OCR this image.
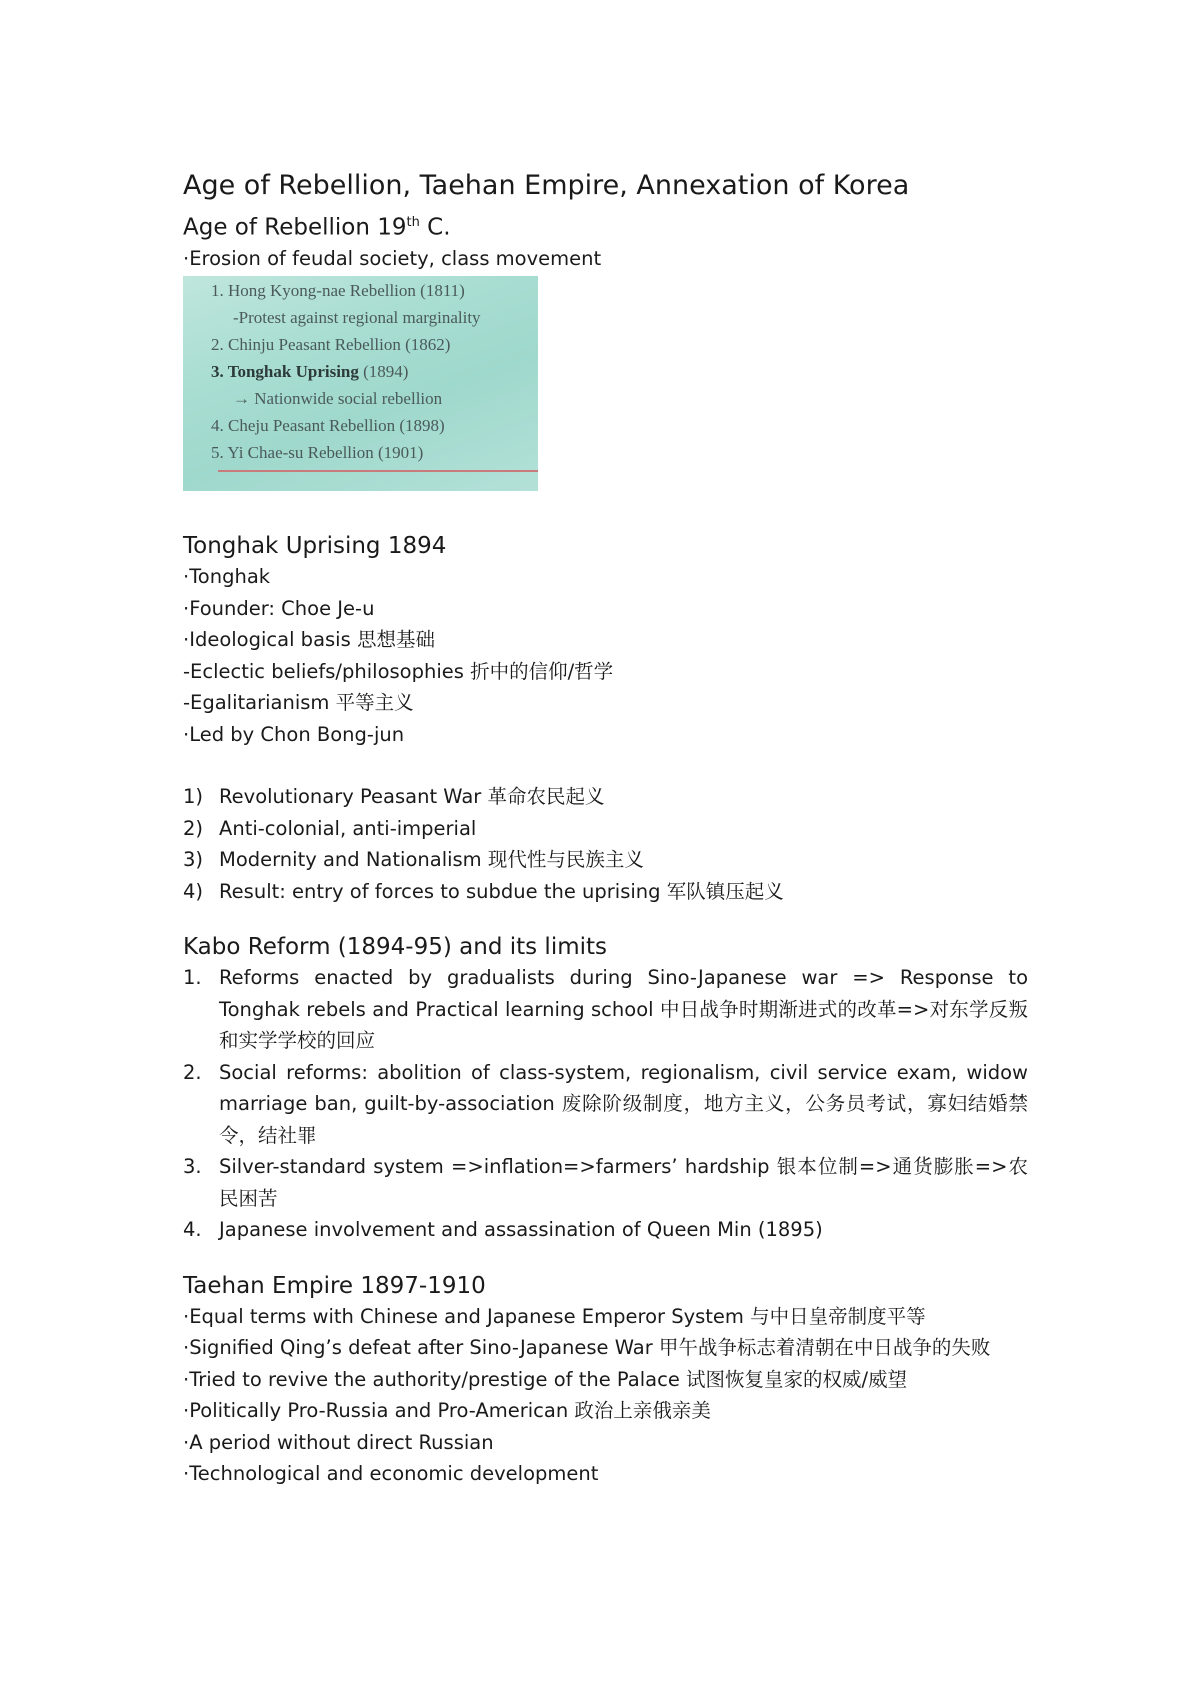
Age of Rebellion, Taehan Empire, Annexation of Korea
Age of Rebellion 19th C.

·Erosion of feudal society, class movement

1. Hong Kyong-nae Rebellion (1811)
-Protest against regional marginality
2. Chinju Peasant Rebellion (1862)
3. Tonghak Uprising (1894)
→ Nationwide social rebellion
4. Cheju Peasant Rebellion (1898)
5. Yi Chae-su Rebellion (1901)
Tonghak Uprising 1894

·Tonghak

·Founder: Choe Je-u

·Ideological basis 思想基础

-Eclectic beliefs/philosophies 折中的信仰/哲学

-Egalitarianism 平等主义

·Led by Chon Bong-jun

1) Revolutionary Peasant War 革命农民起义
2) Anti-colonial, anti-imperial
3) Modernity and Nationalism 现代性与民族主义
4) Result: entry of forces to subdue the uprising 军队镇压起义
Kabo Reform (1894-95) and its limits
1. Reforms enacted by gradualists during Sino-Japanese war => Response to Tonghak rebels and Practical learning school 中日战争时期渐进式的改革=>对东学反叛和实学学校的回应
2. Social reforms: abolition of class-system, regionalism, civil service exam, widow marriage ban, guilt-by-association 废除阶级制度，地方主义，公务员考试，寡妇结婚禁令，结社罪
3. Silver-standard system =>inflation=>farmers’ hardship 银本位制=>通货膨胀=>农民困苦
4. Japanese involvement and assassination of Queen Min (1895)
Taehan Empire 1897-1910

·Equal terms with Chinese and Japanese Emperor System 与中日皇帝制度平等

·Signified Qing’s defeat after Sino-Japanese War 甲午战争标志着清朝在中日战争的失败

·Tried to revive the authority/prestige of the Palace 试图恢复皇家的权威/威望

·Politically Pro-Russia and Pro-American 政治上亲俄亲美

·A period without direct Russian

·Technological and economic development
